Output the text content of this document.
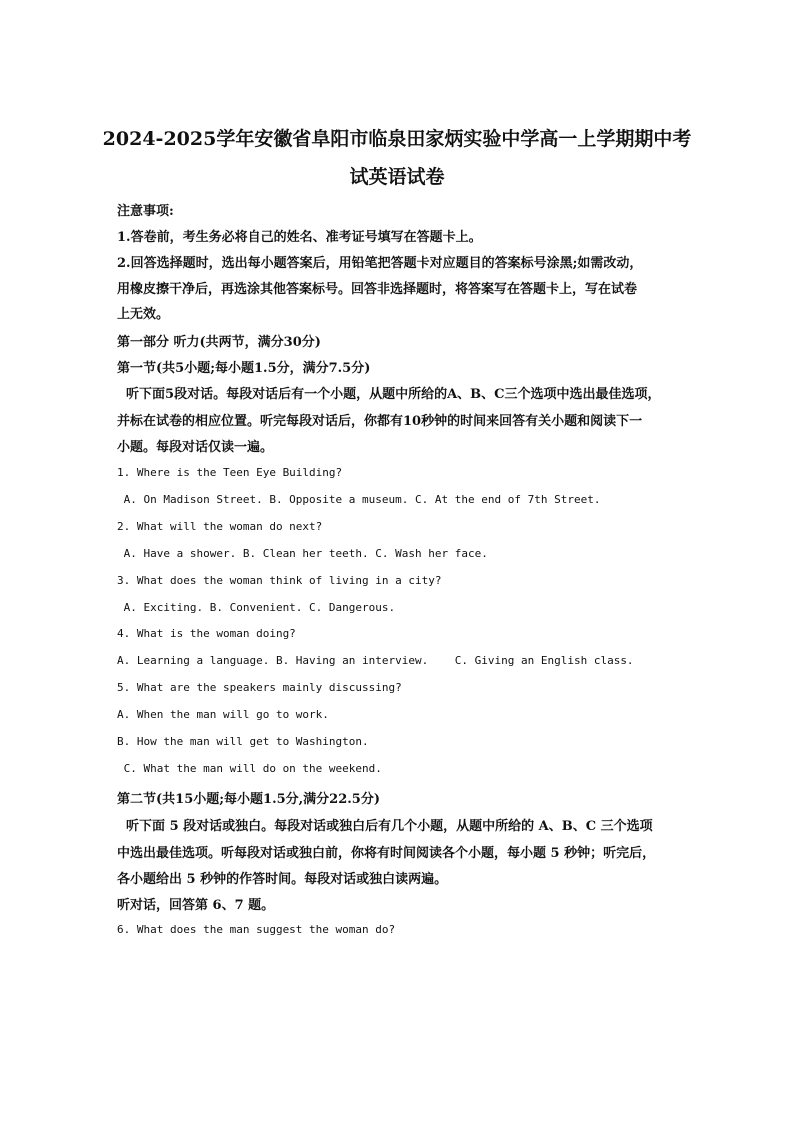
2024-2025学年安徽省阜阳市临泉田家炳实验中学高一上学期期中考
试英语试卷
注意事项:
1.答卷前，考生务必将自己的姓名、准考证号填写在答题卡上。
2.回答选择题时，选出每小题答案后，用铅笔把答题卡对应题目的答案标号涂黑;如需改动，
用橡皮擦干净后，再选涂其他答案标号。回答非选择题时，将答案写在答题卡上，写在试卷
上无效。
第一部分 听力(共两节，满分30分)
第一节(共5小题;每小题1.5分，满分7.5分)
听下面5段对话。每段对话后有一个小题，从题中所给的A、B、C三个选项中选出最佳选项，
并标在试卷的相应位置。听完每段对话后，你都有10秒钟的时间来回答有关小题和阅读下一
小题。每段对话仅读一遍。
1. Where is the Teen Eye Building?
A. On Madison Street. B. Opposite a museum. C. At the end of 7th Street.
2. What will the woman do next?
A. Have a shower. B. Clean her teeth. C. Wash her face.
3. What does the woman think of living in a city?
A. Exciting. B. Convenient. C. Dangerous.
4. What is the woman doing?
A. Learning a language. B. Having an interview.    C. Giving an English class.
5. What are the speakers mainly discussing?
A. When the man will go to work.
B. How the man will get to Washington.
C. What the man will do on the weekend.
第二节(共15小题;每小题1.5分,满分22.5分)
听下面 5 段对话或独白。每段对话或独白后有几个小题，从题中所给的 A、B、C 三个选项
中选出最佳选项。听每段对话或独白前，你将有时间阅读各个小题，每小题 5 秒钟；听完后，
各小题给出 5 秒钟的作答时间。每段对话或独白读两遍。
听对话，回答第 6、7 题。
6. What does the man suggest the woman do?
